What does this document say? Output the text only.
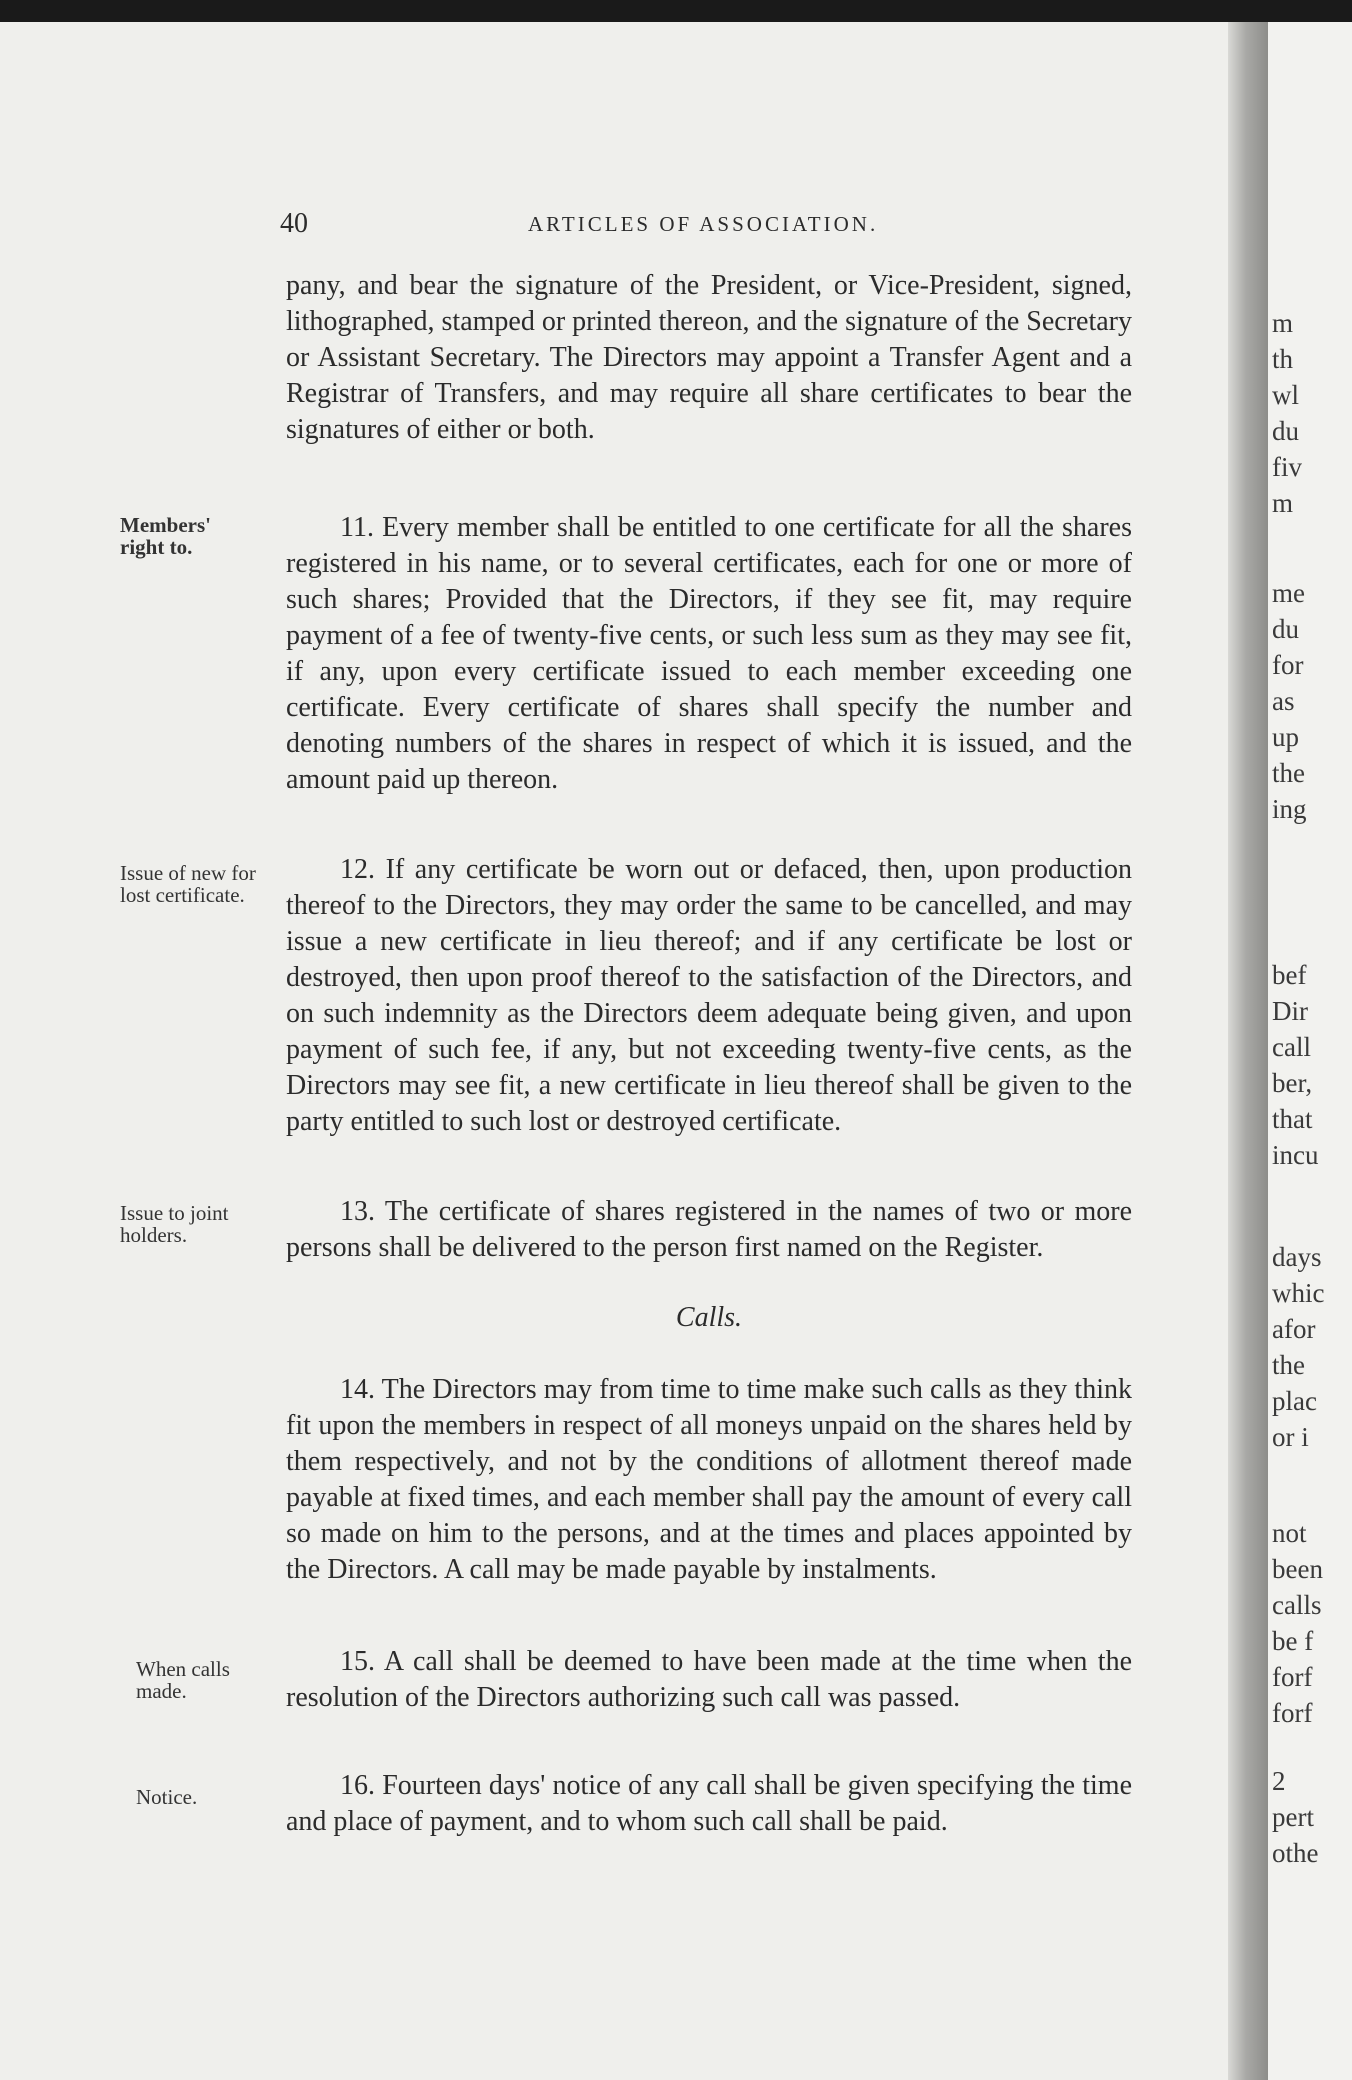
m
th
wl
du
fiv
m
me
du
for
as
up
the
ing
bef
Dir
call
ber,
that
incu
days
whic
afor
the
plac
or i
not
been
calls
be f
forf
forf
2
pert
othe
40	ARTICLES OF ASSOCIATION.

pany, and bear the signature of the President, or Vice-President, signed, lithographed, stamped or printed thereon, and the signature of the Secretary or Assistant Secretary. The Directors may appoint a Transfer Agent and a Registrar of Transfers, and may require all share certificates to bear the signatures of either or both.

11. Every member shall be entitled to one certificate for all the shares registered in his name, or to several certificates, each for one or more of such shares; Provided that the Directors, if they see fit, may require payment of a fee of twenty-five cents, or such less sum as they may see fit, if any, upon every certificate issued to each member exceeding one certificate. Every certificate of shares shall specify the number and denoting numbers of the shares in respect of which it is issued, and the amount paid up thereon.

12. If any certificate be worn out or defaced, then, upon production thereof to the Directors, they may order the same to be cancelled, and may issue a new certificate in lieu thereof; and if any certificate be lost or destroyed, then upon proof thereof to the satisfaction of the Directors, and on such indemnity as the Directors deem adequate being given, and upon payment of such fee, if any, but not exceeding twenty-five cents, as the Directors may see fit, a new certificate in lieu thereof shall be given to the party entitled to such lost or destroyed certificate.

13. The certificate of shares registered in the names of two or more persons shall be delivered to the person first named on the Register.

Calls.

14. The Directors may from time to time make such calls as they think fit upon the members in respect of all moneys unpaid on the shares held by them respectively, and not by the conditions of allotment thereof made payable at fixed times, and each member shall pay the amount of every call so made on him to the persons, and at the times and places appointed by the Directors. A call may be made payable by instalments.

15. A call shall be deemed to have been made at the time when the resolution of the Directors authorizing such call was passed.

16. Fourteen days' notice of any call shall be given specifying the time and place of payment, and to whom such call shall be paid.

Members' right to.
Issue of new for lost certificate.
Issue to joint holders.
When calls made.
Notice.
